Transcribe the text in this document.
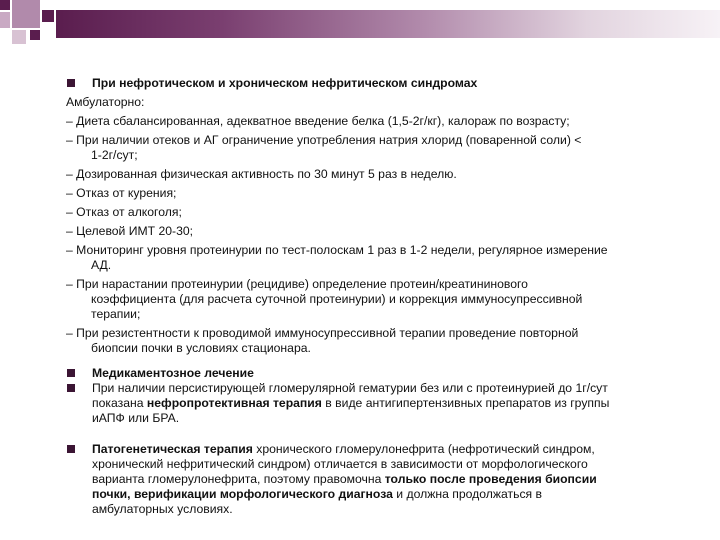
При нефротическом и хроническом нефритическом синдромах
Амбулаторно:
– Диета сбалансированная, адекватное введение белка (1,5-2г/кг), калораж по возрасту;
– При наличии отеков и АГ ограничение употребления натрия хлорид (поваренной соли) <
1-2г/сут;
– Дозированная физическая активность по 30 минут 5 раз в неделю.
– Отказ от курения;
– Отказ от алкоголя;
– Целевой ИМТ 20-30;
– Мониторинг уровня протеинурии по тест-полоскам 1 раз в 1-2 недели, регулярное измерение
АД.
– При нарастании протеинурии (рецидиве) определение протеин/креатининового
коэффициента (для расчета суточной протеинурии) и коррекция иммуносупрессивной
терапии;
– При резистентности к проводимой иммуносупрессивной терапии проведение повторной
биопсии почки в условиях стационара.
Медикаментозное лечение
При наличии персистирующей гломерулярной гематурии без или с протеинурией до 1г/сут
показана нефропротективная терапия в виде антигипертензивных препаратов из группы
иАПФ или БРА.
Патогенетическая терапия хронического гломерулонефрита (нефротический синдром,
хронический нефритический синдром) отличается в зависимости от морфологического
варианта гломерулонефрита, поэтому правомочна только после проведения биопсии
почки, верификации морфологического диагноза и должна продолжаться в
амбулаторных условиях.
